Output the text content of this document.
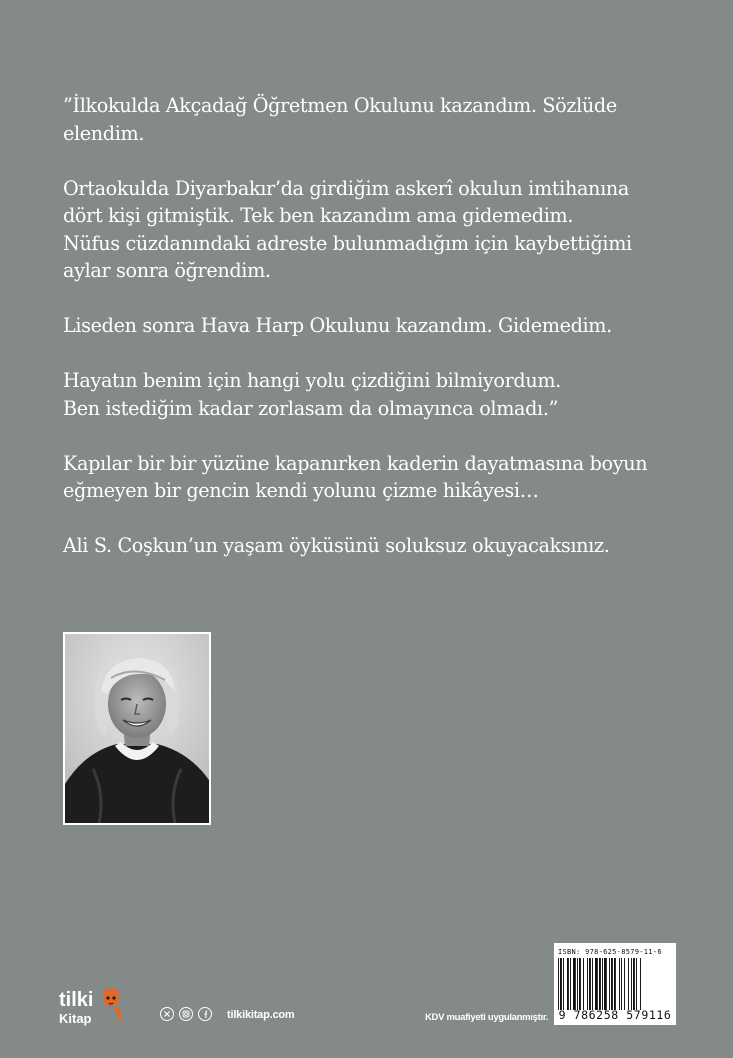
”İlkokulda Akçadağ Öğretmen Okulunu kazandım. Sözlüde
elendim.
Ortaokulda Diyarbakır’da girdiğim askerî okulun imtihanına
dört kişi gitmiştik. Tek ben kazandım ama gidemedim.
Nüfus cüzdanındaki adreste bulunmadığım için kaybettiğimi
aylar sonra öğrendim.
Liseden sonra Hava Harp Okulunu kazandım. Gidemedim.
Hayatın benim için hangi yolu çizdiğini bilmiyordum.
Ben istediğim kadar zorlasam da olmayınca olmadı.”
Kapılar bir bir yüzüne kapanırken kaderin dayatmasına boyun
eğmeyen bir gencin kendi yolunu çizme hikâyesi…
Ali S. Coşkun’un yaşam öyküsünü soluksuz okuyacaksınız.
tilki
Kitap	tilkikitap.com	KDV muafiyeti uygulanmıştır.
ISBN: 978-625-8579-11-6
9 786258 579116
